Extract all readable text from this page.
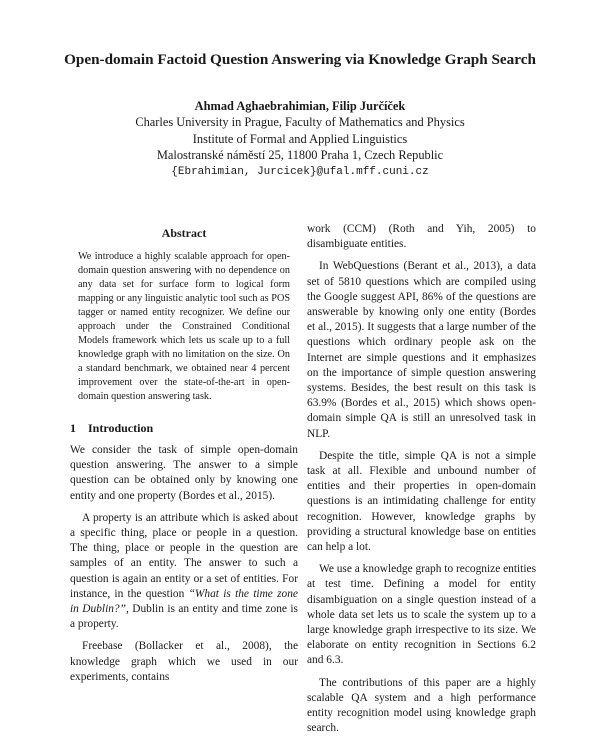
Open-domain Factoid Question Answering via Knowledge Graph Search
Ahmad Aghaebrahimian, Filip Jurčíček
Charles University in Prague, Faculty of Mathematics and Physics
Institute of Formal and Applied Linguistics
Malostranské náměstí 25, 11800 Praha 1, Czech Republic
{Ebrahimian, Jurcicek}@ufal.mff.cuni.cz
Abstract
We introduce a highly scalable approach for open-domain question answering with no dependence on any data set for surface form to logical form mapping or any linguistic analytic tool such as POS tagger or named entity recognizer. We define our approach under the Constrained Conditional Models framework which lets us scale up to a full knowledge graph with no limitation on the size. On a standard benchmark, we obtained near 4 percent improvement over the state-of-the-art in open-domain question answering task.
1 Introduction

We consider the task of simple open-domain question answering. The answer to a simple question can be obtained only by knowing one entity and one property (Bordes et al., 2015).

A property is an attribute which is asked about a specific thing, place or people in a question. The thing, place or people in the question are samples of an entity. The answer to such a question is again an entity or a set of entities. For instance, in the question “What is the time zone in Dublin?”, Dublin is an entity and time zone is a property.

Freebase (Bollacker et al., 2008), the knowledge graph which we used in our experiments, contains

work (CCM) (Roth and Yih, 2005) to disambiguate entities.

In WebQuestions (Berant et al., 2013), a data set of 5810 questions which are compiled using the Google suggest API, 86% of the questions are answerable by knowing only one entity (Bordes et al., 2015). It suggests that a large number of the questions which ordinary people ask on the Internet are simple questions and it emphasizes on the importance of simple question answering systems. Besides, the best result on this task is 63.9% (Bordes et al., 2015) which shows open-domain simple QA is still an unresolved task in NLP.

Despite the title, simple QA is not a simple task at all. Flexible and unbound number of entities and their properties in open-domain questions is an intimidating challenge for entity recognition. However, knowledge graphs by providing a structural knowledge base on entities can help a lot.

We use a knowledge graph to recognize entities at test time. Defining a model for entity disambiguation on a single question instead of a whole data set lets us to scale the system up to a large knowledge graph irrespective to its size. We elaborate on entity recognition in Sections 6.2 and 6.3.

The contributions of this paper are a highly scalable QA system and a high performance entity recognition model using knowledge graph search.
